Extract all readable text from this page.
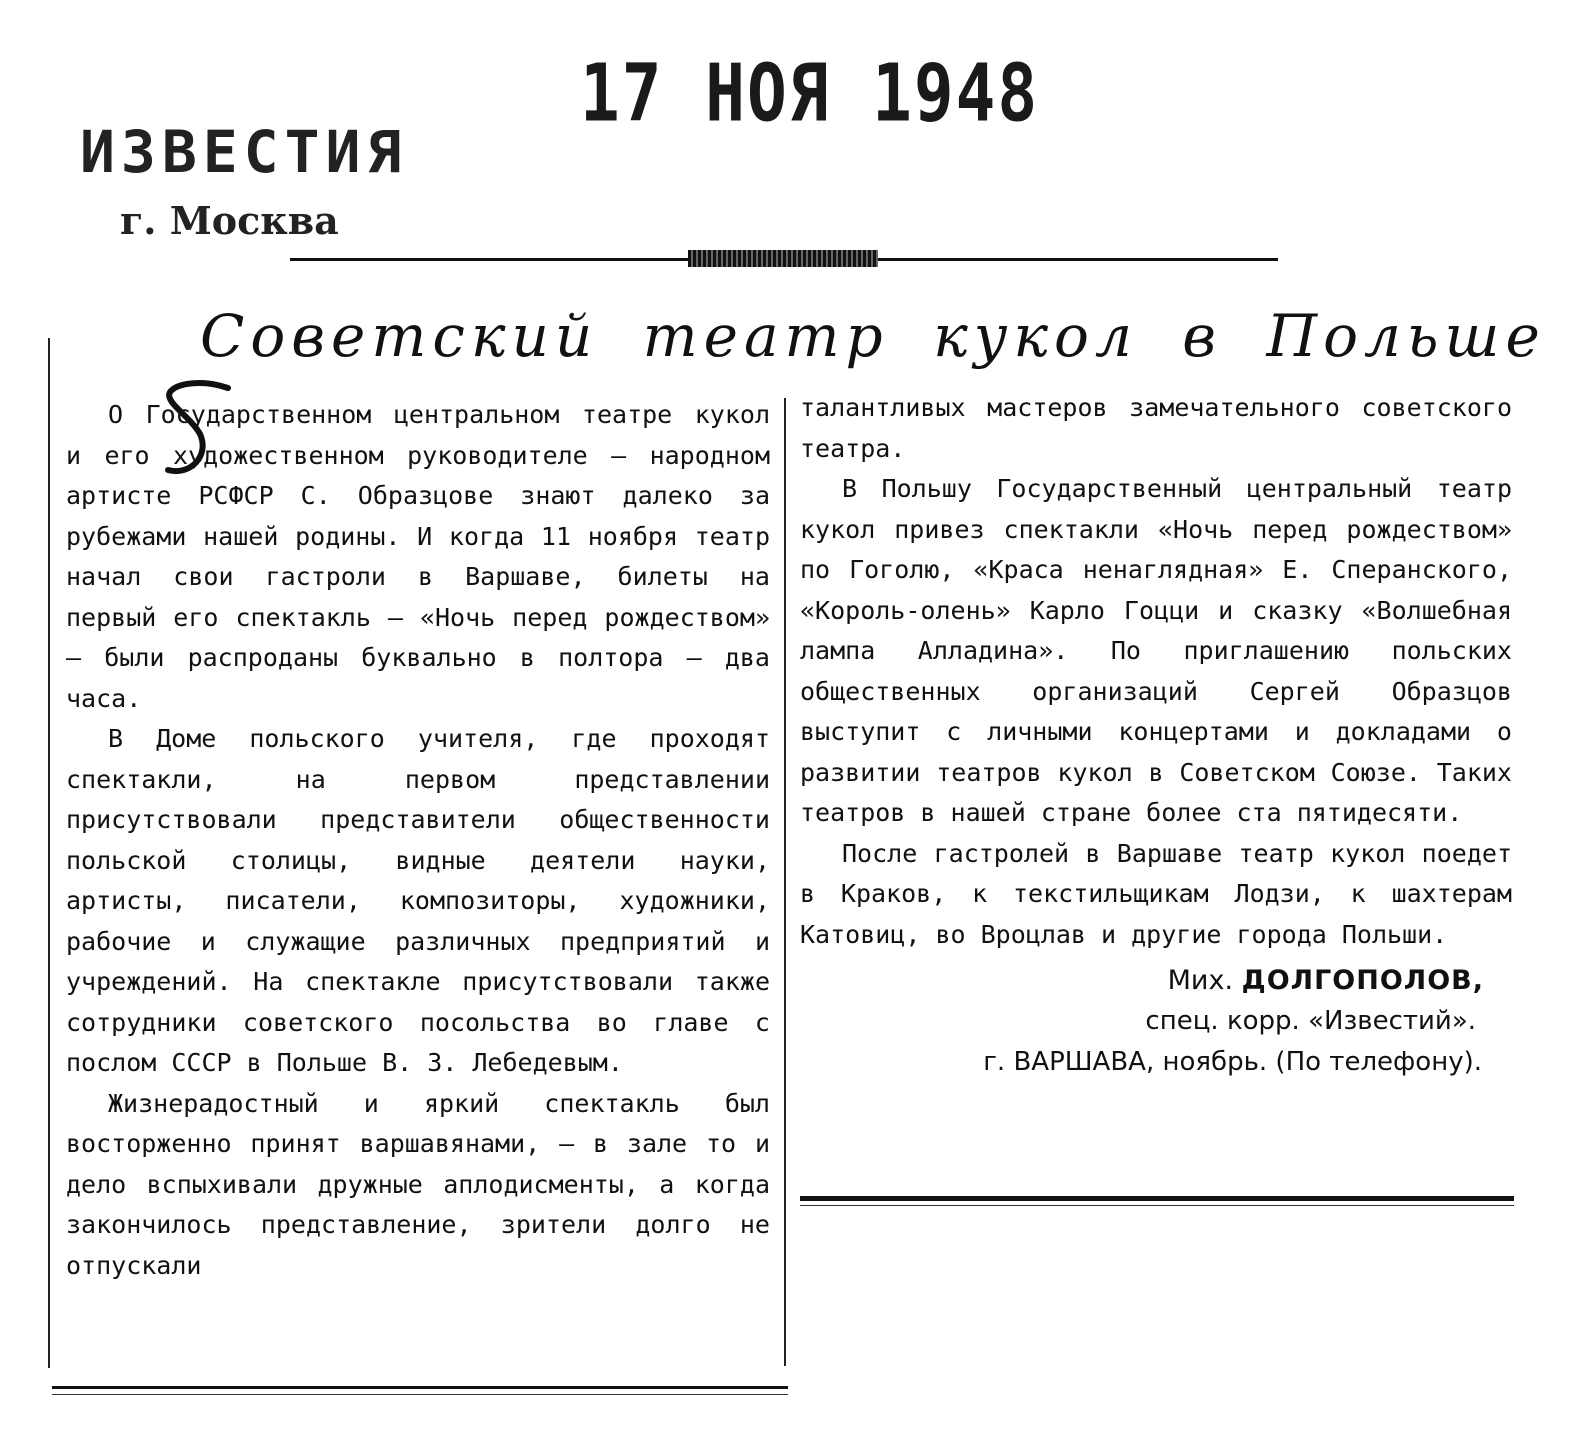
17 НОЯ 1948
ИЗВЕСТИЯ
г. Москва
Советский театр кукол в Польше

О Государственном центральном театре кукол и его художественном руководителе — народном артисте РСФСР С. Образцове знают далеко за рубежами нашей родины. И когда 11 ноября театр начал свои гастроли в Варшаве, билеты на первый его спектакль — «Ночь перед рождеством» — были распроданы буквально в полтора — два часа.

В Доме польского учителя, где проходят спектакли, на первом представлении присутствовали представители общественности польской столицы, видные деятели науки, артисты, писатели, композиторы, художники, рабочие и служащие различных предприятий и учреждений. На спектакле присутствовали также сотрудники советского посольства во главе с послом СССР в Польше В. З. Лебедевым.

Жизнерадостный и яркий спектакль был восторженно принят варшавянами, — в зале то и дело вспыхивали дружные аплодисменты, а когда закончилось представление, зрители долго не отпускали

талантливых мастеров замечательного советского театра.

В Польшу Государственный центральный театр кукол привез спектакли «Ночь перед рождеством» по Гоголю, «Краса ненаглядная» Е. Сперанского, «Король-олень» Карло Гоцци и сказку «Волшебная лампа Алладина». По приглашению польских общественных организаций Сергей Образцов выступит с личными концертами и докладами о развитии театров кукол в Советском Союзе. Таких театров в нашей стране более ста пятидесяти.

После гастролей в Варшаве театр кукол поедет в Краков, к текстильщикам Лодзи, к шахтерам Катовиц, во Вроцлав и другие города Польши.

Мих. ДОЛГОПОЛОВ,
спец. корр. «Известий».
г. ВАРШАВА, ноябрь. (По телефону).
